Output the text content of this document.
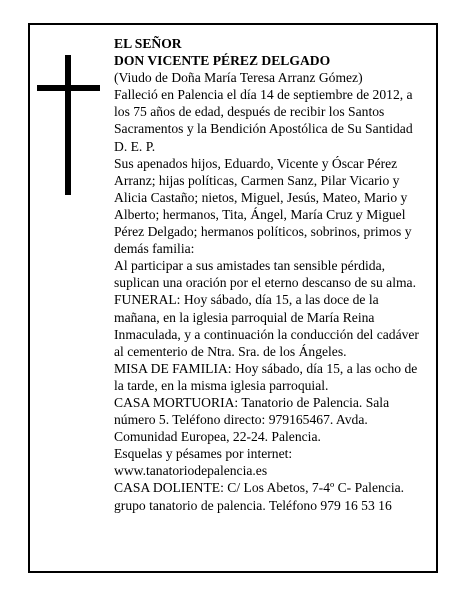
EL SEÑOR

DON VICENTE PÉREZ DELGADO

(Viudo de Doña María Teresa Arranz Gómez)

Falleció en Palencia el día 14 de septiembre de 2012, a los 75 años de edad, después de recibir los Santos Sacramentos y la Bendición Apostólica de Su Santidad

D. E. P.

Sus apenados hijos, Eduardo, Vicente y Óscar Pérez Arranz; hijas políticas, Carmen Sanz, Pilar Vicario y Alicia Castaño; nietos, Miguel, Jesús, Mateo, Mario y Alberto; hermanos, Tita, Ángel, María Cruz y Miguel Pérez Delgado; hermanos políticos, sobrinos, primos y demás familia:

Al participar a sus amistades tan sensible pérdida, suplican una oración por el eterno descanso de su alma.

FUNERAL: Hoy sábado, día 15, a las doce de la mañana, en la iglesia parroquial de María Reina Inmaculada, y a continuación la conducción del cadáver al cementerio de Ntra. Sra. de los Ángeles.

MISA DE FAMILIA: Hoy sábado, día 15, a las ocho de la tarde, en la misma iglesia parroquial.

CASA MORTUORIA: Tanatorio de Palencia. Sala número 5. Teléfono directo: 979165467. Avda. Comunidad Europea, 22-24. Palencia.

Esquelas y pésames por internet:

www.tanatoriodepalencia.es

CASA DOLIENTE: C/ Los Abetos, 7-4º C- Palencia.

grupo tanatorio de palencia. Teléfono 979 16 53 16
